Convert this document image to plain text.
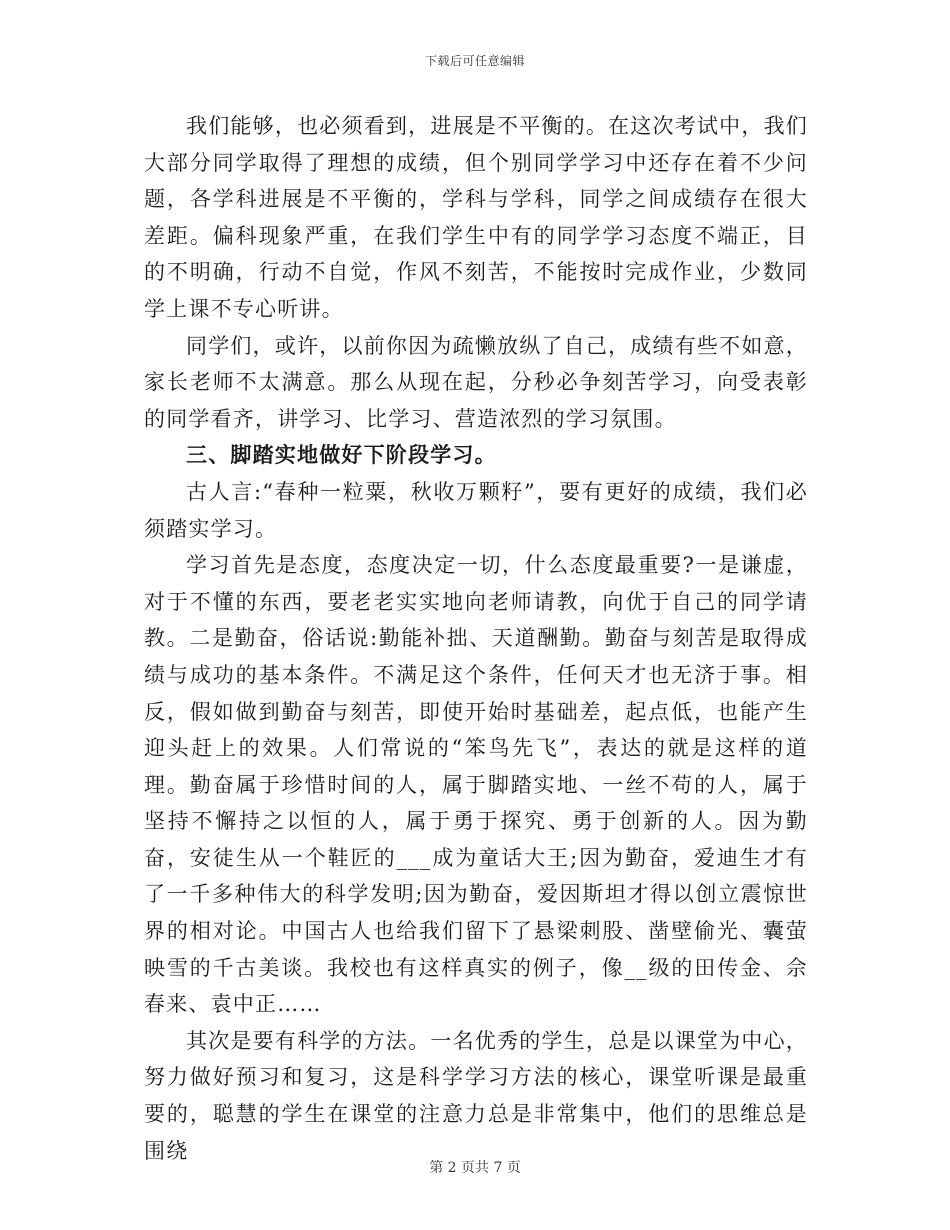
下载后可任意编辑

我们能够，也必须看到，进展是不平衡的。在这次考试中，我们大部分同学取得了理想的成绩，但个别同学学习中还存在着不少问题，各学科进展是不平衡的，学科与学科，同学之间成绩存在很大差距。偏科现象严重，在我们学生中有的同学学习态度不端正，目的不明确，行动不自觉，作风不刻苦，不能按时完成作业，少数同学上课不专心听讲。

同学们，或许，以前你因为疏懒放纵了自己，成绩有些不如意，家长老师不太满意。那么从现在起，分秒必争刻苦学习，向受表彰的同学看齐，讲学习、比学习、营造浓烈的学习氛围。

三、脚踏实地做好下阶段学习。

古人言:“春种一粒粟，秋收万颗籽”，要有更好的成绩，我们必须踏实学习。

学习首先是态度，态度决定一切，什么态度最重要?一是谦虚，对于不懂的东西，要老老实实地向老师请教，向优于自己的同学请教。二是勤奋，俗话说:勤能补拙、天道酬勤。勤奋与刻苦是取得成绩与成功的基本条件。不满足这个条件，任何天才也无济于事。相反，假如做到勤奋与刻苦，即使开始时基础差，起点低，也能产生迎头赶上的效果。人们常说的“笨鸟先飞”，表达的就是这样的道理。勤奋属于珍惜时间的人，属于脚踏实地、一丝不苟的人，属于坚持不懈持之以恒的人，属于勇于探究、勇于创新的人。因为勤奋，安徒生从一个鞋匠的___成为童话大王;因为勤奋，爱迪生才有了一千多种伟大的科学发明;因为勤奋，爱因斯坦才得以创立震惊世界的相对论。中国古人也给我们留下了悬梁刺股、凿壁偷光、囊萤映雪的千古美谈。我校也有这样真实的例子，像__级的田传金、佘春来、袁中正……

其次是要有科学的方法。一名优秀的学生，总是以课堂为中心，努力做好预习和复习，这是科学学习方法的核心，课堂听课是最重要的，聪慧的学生在课堂的注意力总是非常集中，他们的思维总是围绕

第 2 页共 7 页
